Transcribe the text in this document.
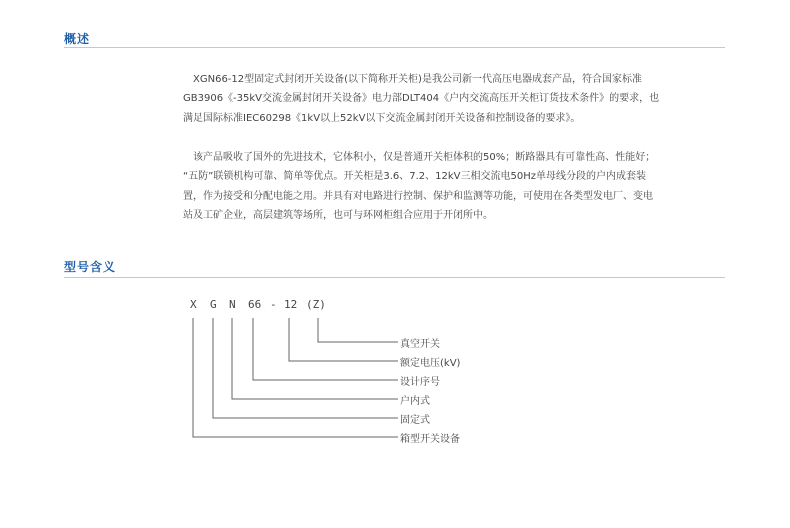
概述
XGN66-12型固定式封闭开关设备(以下简称开关柜)是我公司新一代高压电器成套产品，符合国家标准
GB3906《-35kV交流金属封闭开关设备》电力部DLT404《户内交流高压开关柜订货技术条件》的要求，也
满足国际标准IEC60298《1kV以上52kV以下交流金属封闭开关设备和控制设备的要求》。
该产品吸收了国外的先进技术，它体积小，仅是普通开关柜体积的50%；断路器具有可靠性高、性能好；
“五防”联锁机构可靠、简单等优点。开关柜是3.6、7.2、12kV三相交流电50Hz单母线分段的户内成套装
置，作为接受和分配电能之用。并具有对电路进行控制、保护和监测等功能，可使用在各类型发电厂、变电
站及工矿企业，高层建筑等场所，也可与环网柜组合应用于开闭所中。
型号含义
X G N 66 - 12 (Z)
真空开关
额定电压(kV)
设计序号
户内式
固定式
箱型开关设备
